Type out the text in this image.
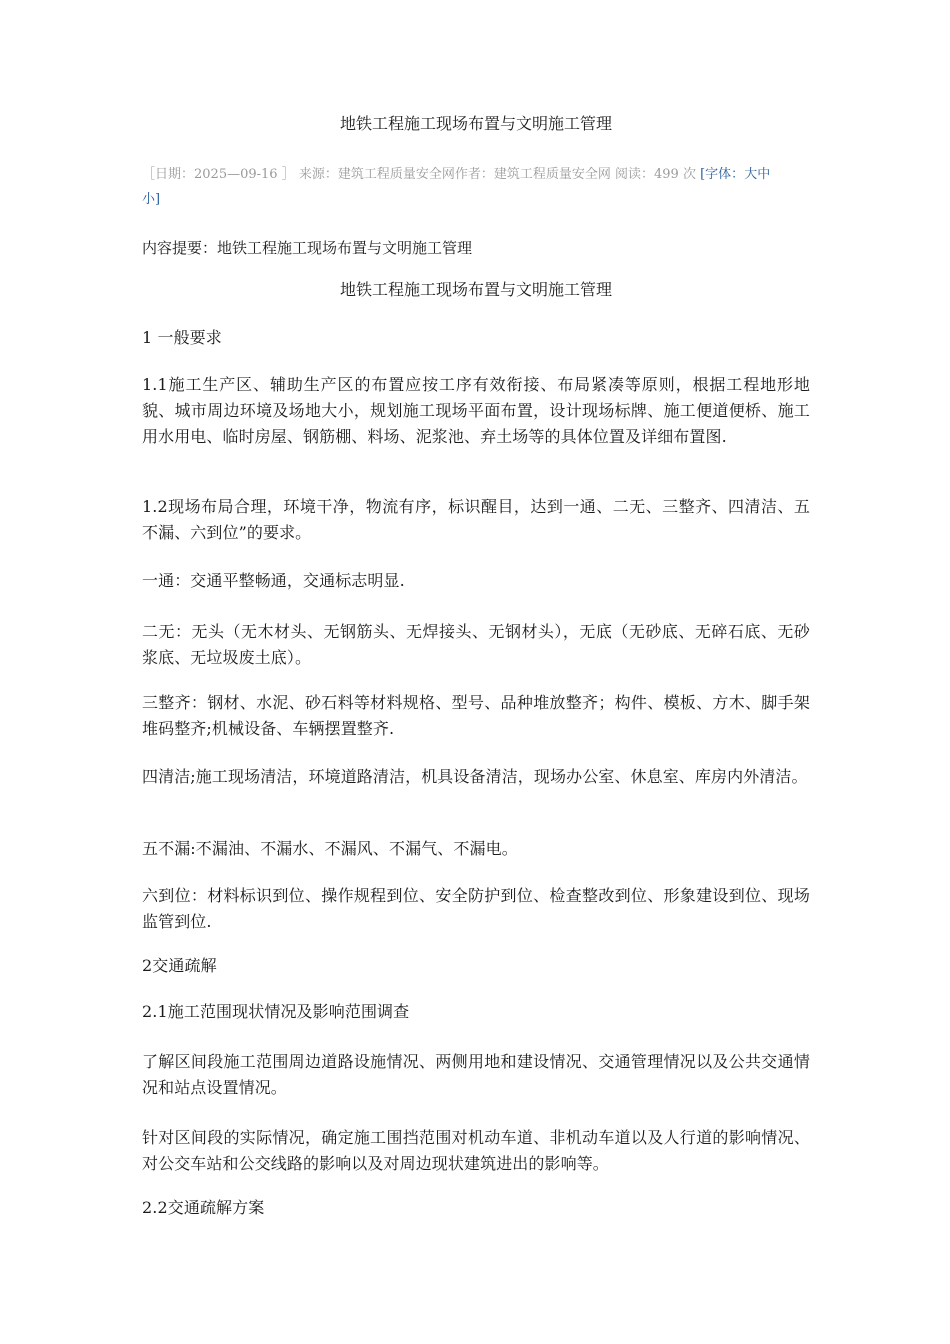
地铁工程施工现场布置与文明施工管理
［日期：2025—09-16 ］ 来源：建筑工程质量安全网作者：建筑工程质量安全网 阅读：499 次 [字体：大中
小]

内容提要：地铁工程施工现场布置与文明施工管理

地铁工程施工现场布置与文明施工管理

1 一般要求

1.1施工生产区、辅助生产区的布置应按工序有效衔接、布局紧凑等原则，根据工程地形地貌、城市周边环境及场地大小，规划施工现场平面布置，设计现场标牌、施工便道便桥、施工用水用电、临时房屋、钢筋棚、料场、泥浆池、弃土场等的具体位置及详细布置图.

1.2现场布局合理，环境干净，物流有序，标识醒目，达到一通、二无、三整齐、四清洁、五不漏、六到位”的要求。

一通：交通平整畅通，交通标志明显.

二无：无头（无木材头、无钢筋头、无焊接头、无钢材头），无底（无砂底、无碎石底、无砂浆底、无垃圾废土底）。

三整齐：钢材、水泥、砂石料等材料规格、型号、品种堆放整齐；构件、模板、方木、脚手架堆码整齐;机械设备、车辆摆置整齐.

四清洁;施工现场清洁，环境道路清洁，机具设备清洁，现场办公室、休息室、库房内外清洁。

五不漏:不漏油、不漏水、不漏风、不漏气、不漏电。

六到位：材料标识到位、操作规程到位、安全防护到位、检查整改到位、形象建设到位、现场监管到位.

2交通疏解

2.1施工范围现状情况及影响范围调查

了解区间段施工范围周边道路设施情况、两侧用地和建设情况、交通管理情况以及公共交通情况和站点设置情况。

针对区间段的实际情况，确定施工围挡范围对机动车道、非机动车道以及人行道的影响情况、对公交车站和公交线路的影响以及对周边现状建筑进出的影响等。

2.2交通疏解方案
